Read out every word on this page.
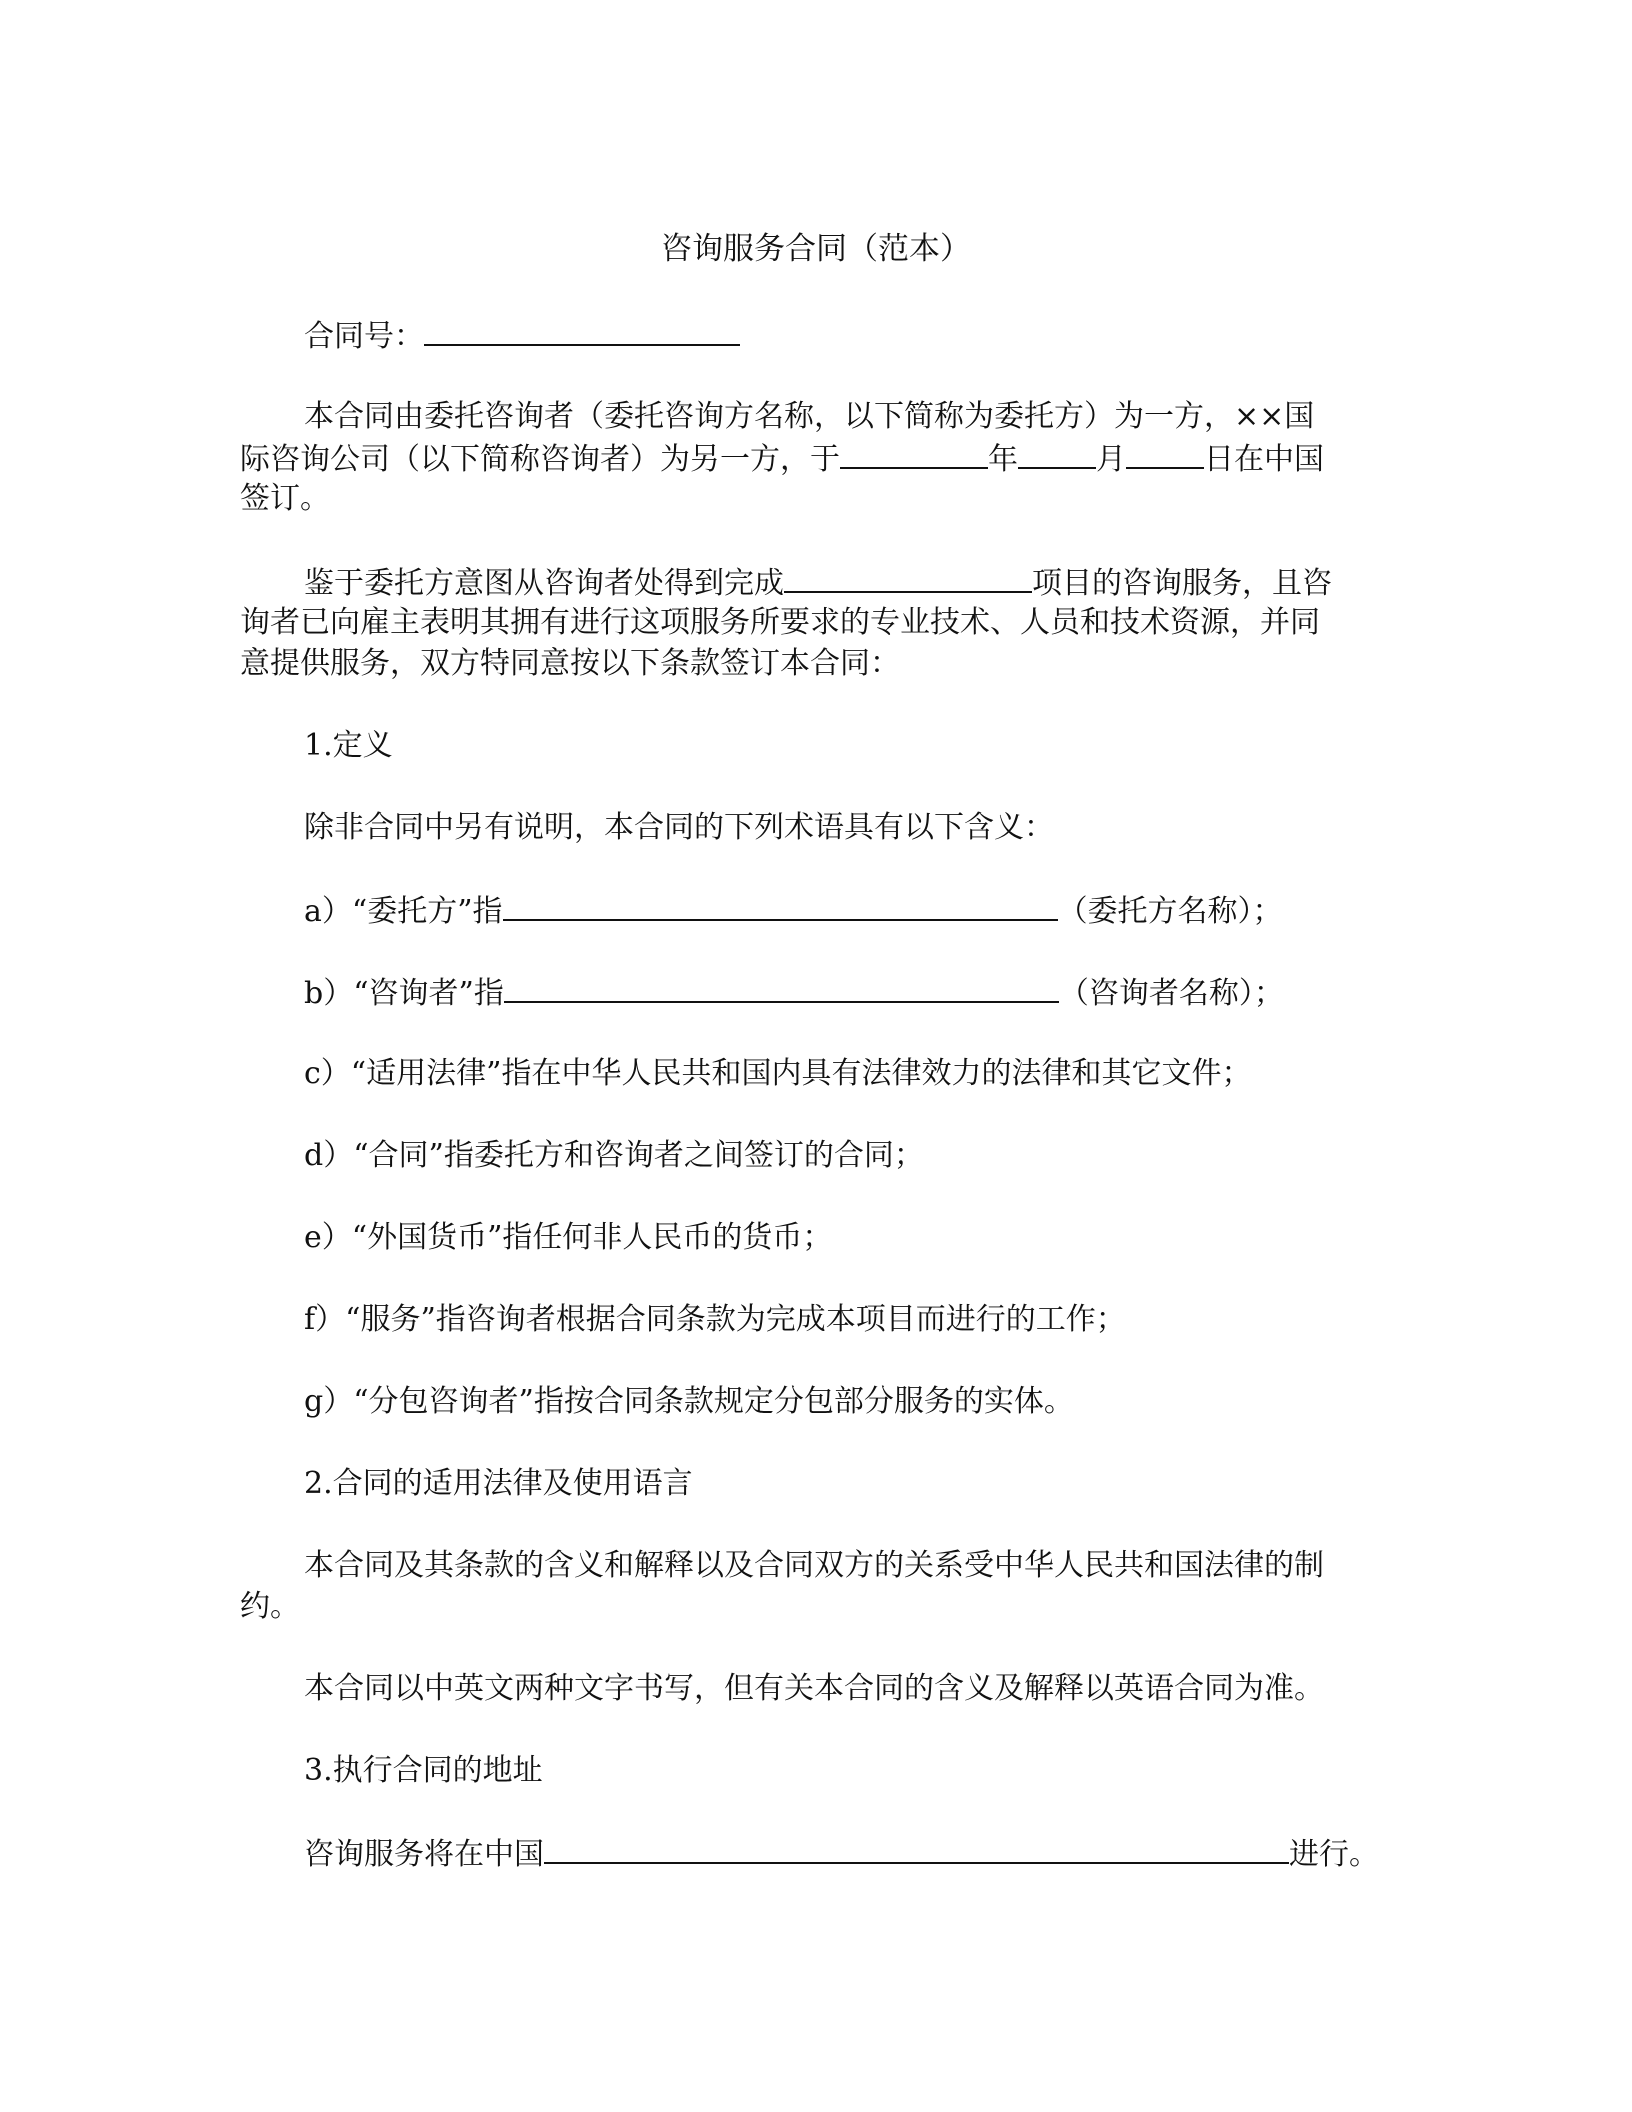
咨询服务合同（范本）
合同号：
本合同由委托咨询者（委托咨询方名称，以下简称为委托方）为一方，××国
际咨询公司（以下简称咨询者）为另一方，于	年	月	日在中国
签订。
鉴于委托方意图从咨询者处得到完成	项目的咨询服务，且咨
询者已向雇主表明其拥有进行这项服务所要求的专业技术、人员和技术资源，并同
意提供服务，双方特同意按以下条款签订本合同：
1.定义
除非合同中另有说明，本合同的下列术语具有以下含义：
a）“委托方”指	（委托方名称）；
b）“咨询者”指	（咨询者名称）；
c）“适用法律”指在中华人民共和国内具有法律效力的法律和其它文件；
d）“合同”指委托方和咨询者之间签订的合同；
e）“外国货币”指任何非人民币的货币；
f）“服务”指咨询者根据合同条款为完成本项目而进行的工作；
g）“分包咨询者”指按合同条款规定分包部分服务的实体。
2.合同的适用法律及使用语言
本合同及其条款的含义和解释以及合同双方的关系受中华人民共和国法律的制
约。
本合同以中英文两种文字书写，但有关本合同的含义及解释以英语合同为准。
3.执行合同的地址
咨询服务将在中国	进行。
